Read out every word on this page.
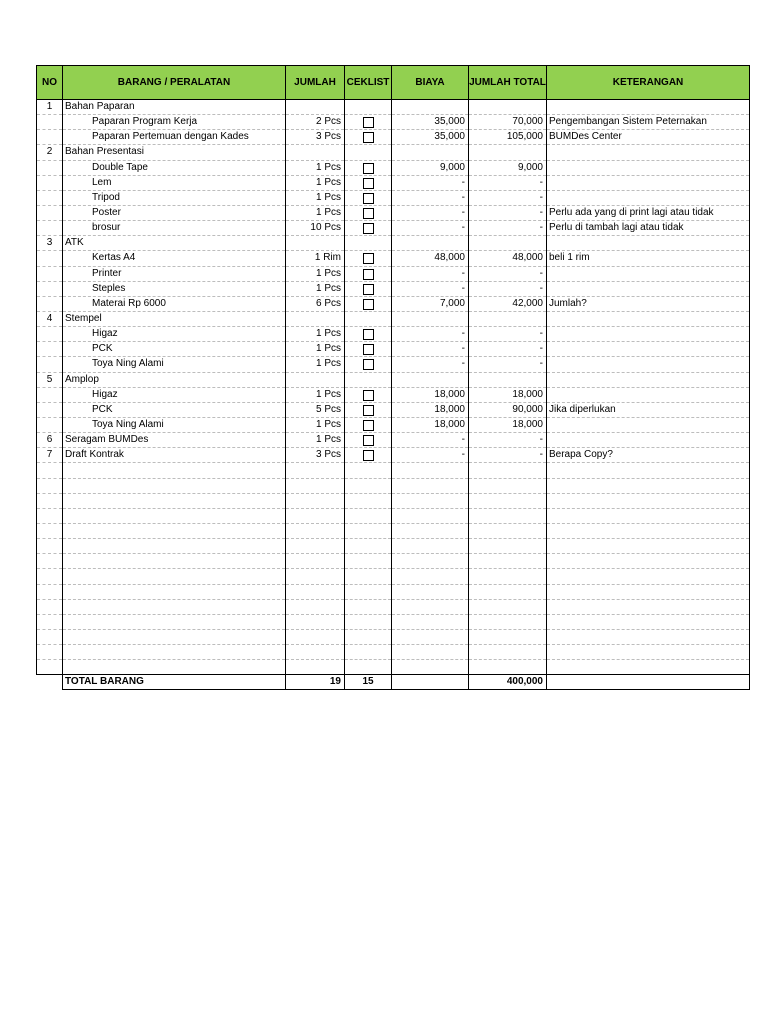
NO	BARANG / PERALATAN	JUMLAH	CEKLIST	BIAYA	JUMLAH TOTAL	KETERANGAN
1	Bahan Paparan					
	Paparan Program Kerja	2 Pcs		35,000	70,000	Pengembangan Sistem Peternakan
	Paparan Pertemuan dengan Kades	3 Pcs		35,000	105,000	BUMDes Center
2	Bahan Presentasi					
	Double Tape	1 Pcs		9,000	9,000	
	Lem	1 Pcs		-	-	
	Tripod	1 Pcs		-	-	
	Poster	1 Pcs		-	-	Perlu ada yang di print lagi atau tidak
	brosur	10 Pcs		-	-	Perlu di tambah lagi atau tidak
3	ATK					
	Kertas A4	1 Rim		48,000	48,000	beli 1 rim
	Printer	1 Pcs		-	-	
	Steples	1 Pcs		-	-	
	Materai Rp 6000	6 Pcs		7,000	42,000	Jumlah?
4	Stempel					
	Higaz	1 Pcs		-	-	
	PCK	1 Pcs		-	-	
	Toya Ning Alami	1 Pcs		-	-	
5	Amplop					
	Higaz	1 Pcs		18,000	18,000	
	PCK	5 Pcs		18,000	90,000	Jika diperlukan
	Toya Ning Alami	1 Pcs		18,000	18,000	
6	Seragam BUMDes	1 Pcs		-	-	
7	Draft Kontrak	3 Pcs		-	-	Berapa Copy?

	TOTAL BARANG	19	15		400,000	
